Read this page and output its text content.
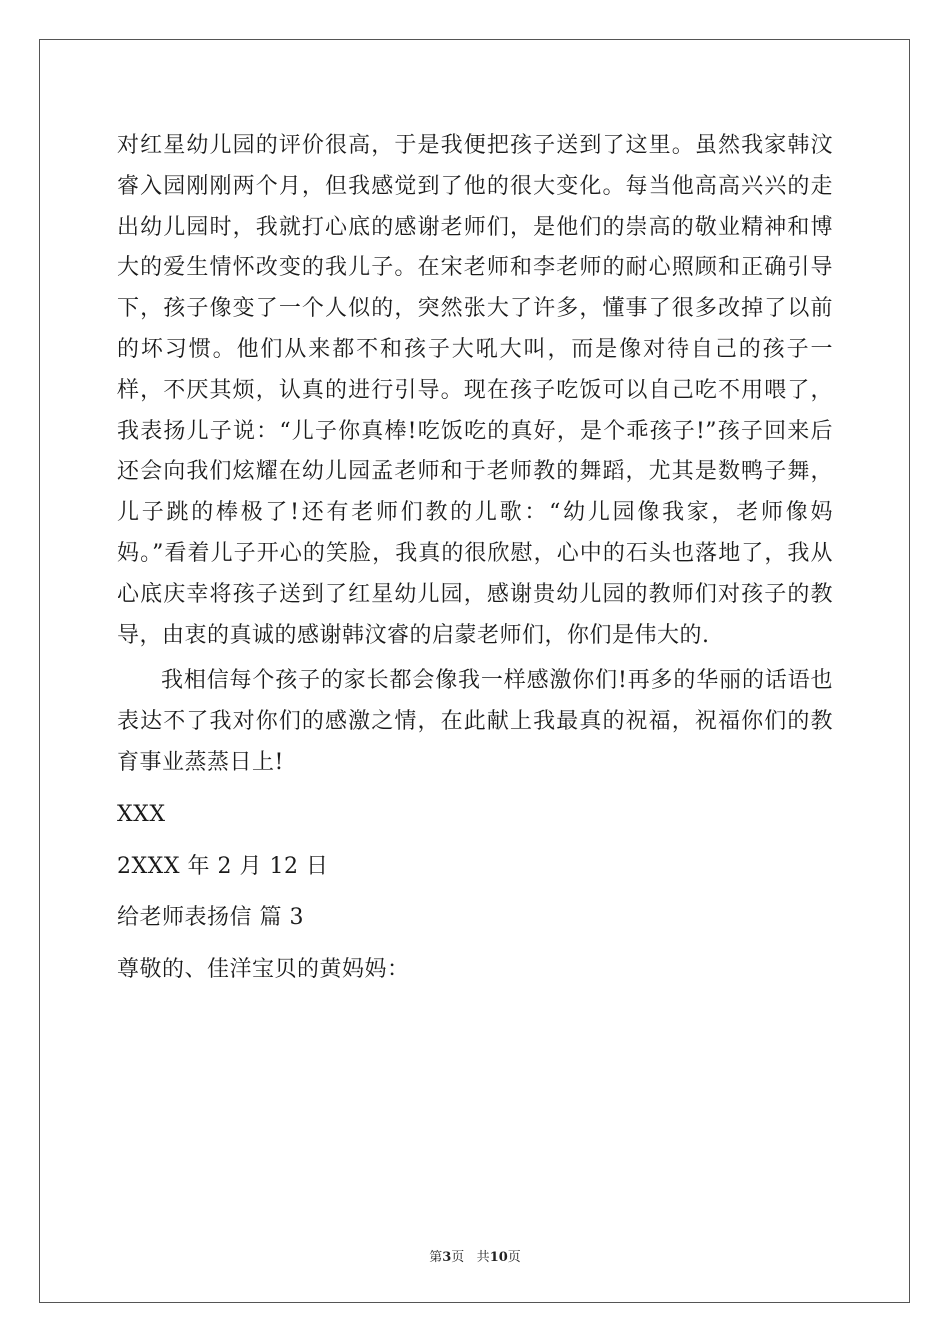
对红星幼儿园的评价很高，于是我便把孩子送到了这里。虽然我家韩汶睿入园刚刚两个月，但我感觉到了他的很大变化。每当他高高兴兴的走出幼儿园时，我就打心底的感谢老师们，是他们的崇高的敬业精神和博大的爱生情怀改变的我儿子。在宋老师和李老师的耐心照顾和正确引导下，孩子像变了一个人似的，突然张大了许多，懂事了很多改掉了以前的坏习惯。他们从来都不和孩子大吼大叫，而是像对待自己的孩子一样，不厌其烦，认真的进行引导。现在孩子吃饭可以自己吃不用喂了，我表扬儿子说：“儿子你真棒!吃饭吃的真好，是个乖孩子!”孩子回来后还会向我们炫耀在幼儿园孟老师和于老师教的舞蹈，尤其是数鸭子舞，儿子跳的棒极了!还有老师们教的儿歌：“幼儿园像我家，老师像妈妈。”看着儿子开心的笑脸，我真的很欣慰，心中的石头也落地了，我从心底庆幸将孩子送到了红星幼儿园，感谢贵幼儿园的教师们对孩子的教导，由衷的真诚的感谢韩汶睿的启蒙老师们，你们是伟大的.

我相信每个孩子的家长都会像我一样感激你们!再多的华丽的话语也表达不了我对你们的感激之情，在此献上我最真的祝福，祝福你们的教育事业蒸蒸日上!

XXX

2XXX 年 2 月 12 日

给老师表扬信 篇 3

尊敬的、佳洋宝贝的黄妈妈：

第3页 共10页
